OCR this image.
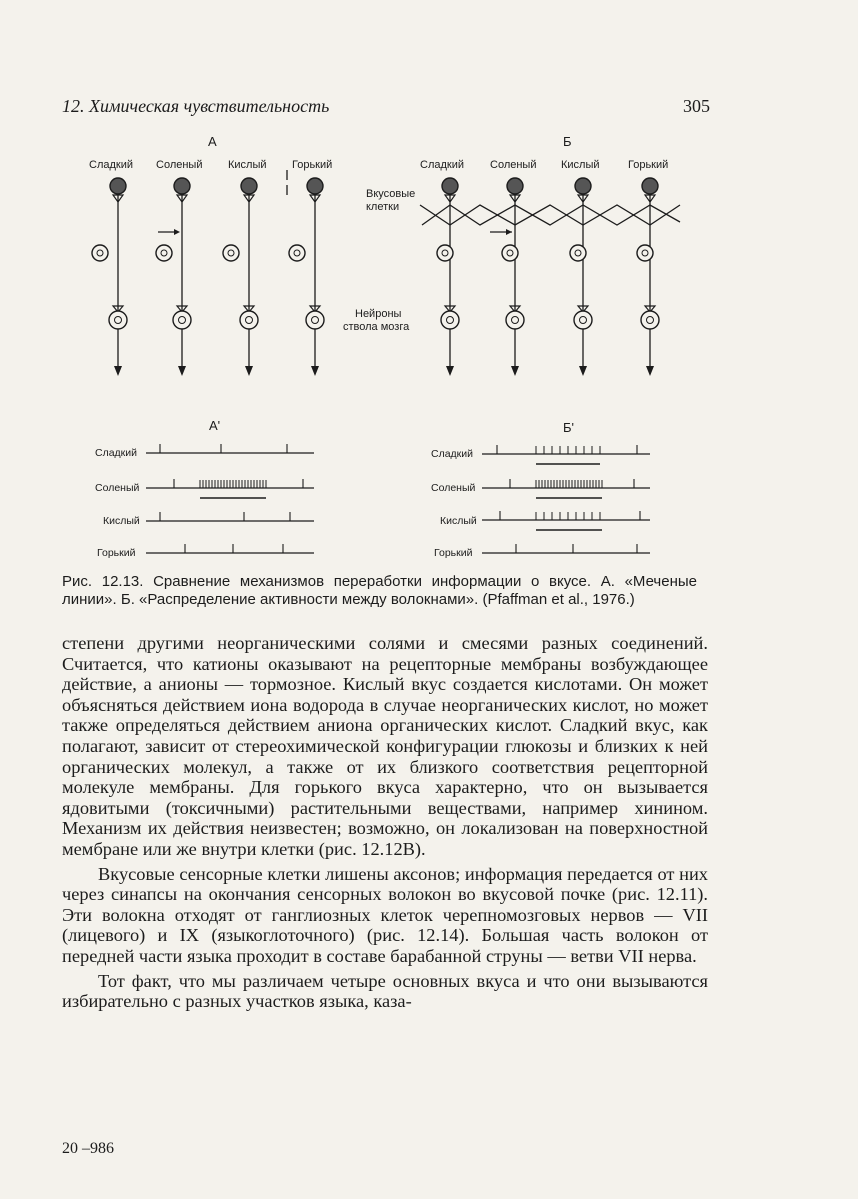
12. Химическая чувствительность	305
А	Б
А'	Б'
Сладкий Соленый Кислый Горький	Сладкий Соленый Кислый	Горький
Вкусовые
клетки
Нейроны
ствола мозга
Сладкий
Соленый
Кислый
Горький
Сладкий
Соленый
Кислый
Горький

Рис. 12.13. Сравнение механизмов переработки информации о вкусе. А. «Меченые линии». Б. «Распределение активности между волокнами». (Pfaffman et al., 1976.)

степени другими неорганическими солями и смесями разных соединений. Считается, что катионы оказывают на рецепторные мембраны возбуждающее действие, а анионы — тормозное. Кислый вкус создается кислотами. Он может объясняться действием иона водорода в случае неорганических кислот, но может также определяться действием аниона органических кислот. Сладкий вкус, как полагают, зависит от стереохимической конфигурации глюкозы и близких к ней органических молекул, а также от их близкого соответствия рецепторной молекуле мембраны. Для горького вкуса характерно, что он вызывается ядовитыми (токсичными) растительными веществами, например хинином. Механизм их действия неизвестен; возможно, он локализован на поверхностной мембране или же внутри клетки (рис. 12.12В).

Вкусовые сенсорные клетки лишены аксонов; информация передается от них через синапсы на окончания сенсорных волокон во вкусовой почке (рис. 12.11). Эти волокна отходят от ганглиозных клеток черепномозговых нервов — VII (лицевого) и IX (языкоглоточного) (рис. 12.14). Большая часть волокон от передней части языка проходит в составе барабанной струны — ветви VII нерва.

Тот факт, что мы различаем четыре основных вкуса и что они вызываются избирательно с разных участков языка, каза-

20 –986
